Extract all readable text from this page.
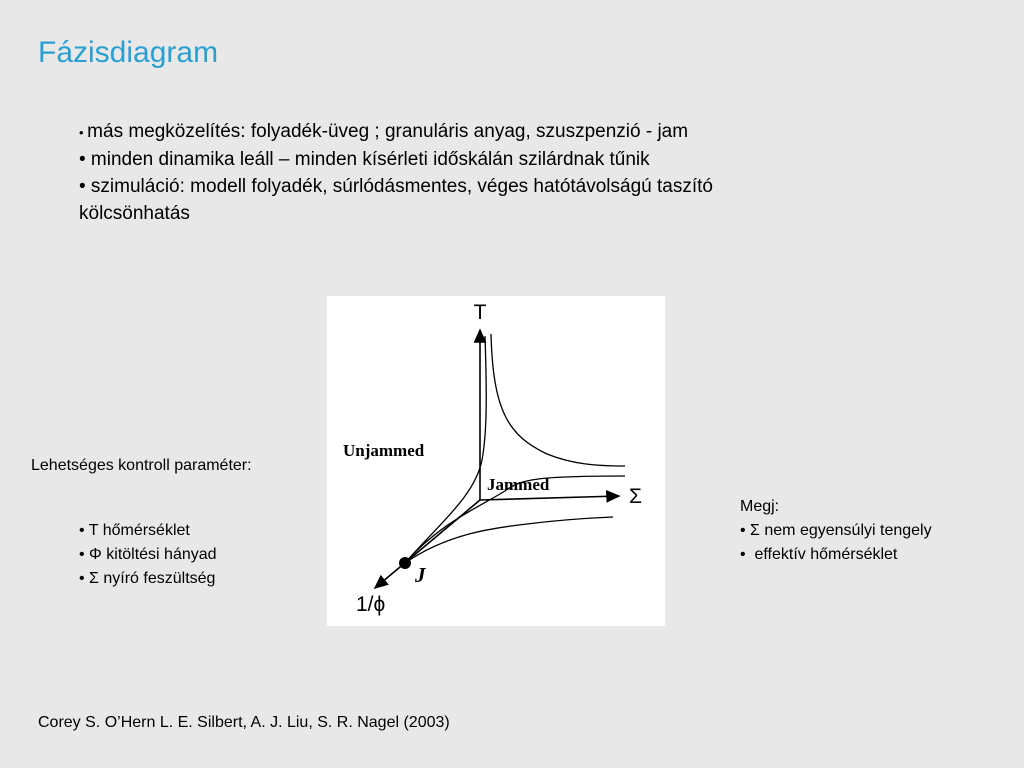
Fázisdiagram
• más megközelítés: folyadék-üveg ; granuláris anyag, szuszpenzió - jam
• minden dinamika leáll – minden kísérleti időskálán szilárdnak tűnik
• szimuláció: modell folyadék, súrlódásmentes, véges hatótávolságú taszító
kölcsönhatás
Lehetséges kontroll paraméter:
• T hőmérséklet
• Φ kitöltési hányad
• Σ nyíró feszültség
T
Σ
1/ϕ
Unjammed
Jammed
J
Megj:
• Σ nem egyensúlyi tengely
•  effektív hőmérséklet
Corey S. O’Hern L. E. Silbert, A. J. Liu, S. R. Nagel (2003)
